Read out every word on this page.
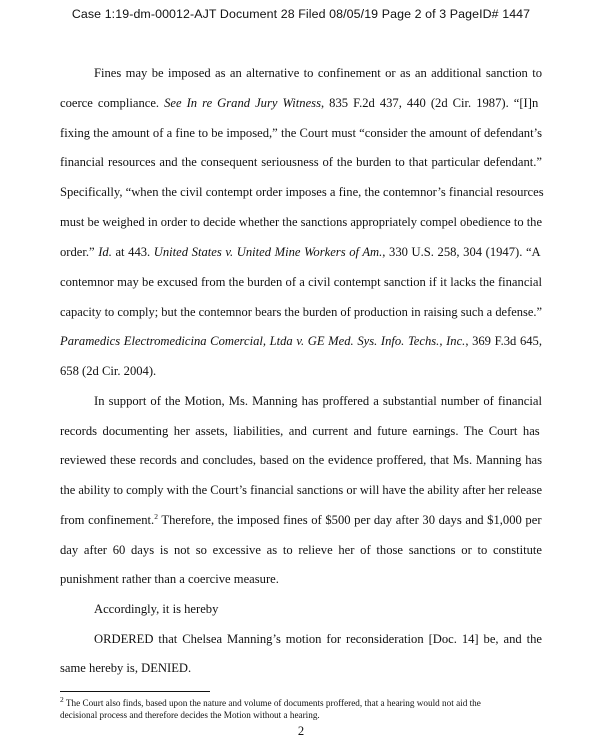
Case 1:19-dm-00012-AJT Document 28 Filed 08/05/19 Page 2 of 3 PageID# 1447
Fines may be imposed as an alternative to confinement or as an additional sanction to
coerce compliance. See In re Grand Jury Witness, 835 F.2d 437, 440 (2d Cir. 1987). “[I]n
fixing the amount of a fine to be imposed,” the Court must “consider the amount of defendant’s
financial resources and the consequent seriousness of the burden to that particular defendant.”
Specifically, “when the civil contempt order imposes a fine, the contemnor’s financial resources
must be weighed in order to decide whether the sanctions appropriately compel obedience to the
order.” Id. at 443. United States v. United Mine Workers of Am., 330 U.S. 258, 304 (1947). “A
contemnor may be excused from the burden of a civil contempt sanction if it lacks the financial
capacity to comply; but the contemnor bears the burden of production in raising such a defense.”
Paramedics Electromedicina Comercial, Ltda v. GE Med. Sys. Info. Techs., Inc., 369 F.3d 645,
658 (2d Cir. 2004).
In support of the Motion, Ms. Manning has proffered a substantial number of financial
records documenting her assets, liabilities, and current and future earnings. The Court has
reviewed these records and concludes, based on the evidence proffered, that Ms. Manning has
the ability to comply with the Court’s financial sanctions or will have the ability after her release
from confinement.$^2$ Therefore, the imposed fines of $500 per day after 30 days and $1,000 per
day after 60 days is not so excessive as to relieve her of those sanctions or to constitute
punishment rather than a coercive measure.
Accordingly, it is hereby
ORDERED that Chelsea Manning’s motion for reconsideration [Doc. 14] be, and the
same hereby is, DENIED.
$^2$ The Court also finds, based upon the nature and volume of documents proffered, that a hearing would not aid the
decisional process and therefore decides the Motion without a hearing.
2
